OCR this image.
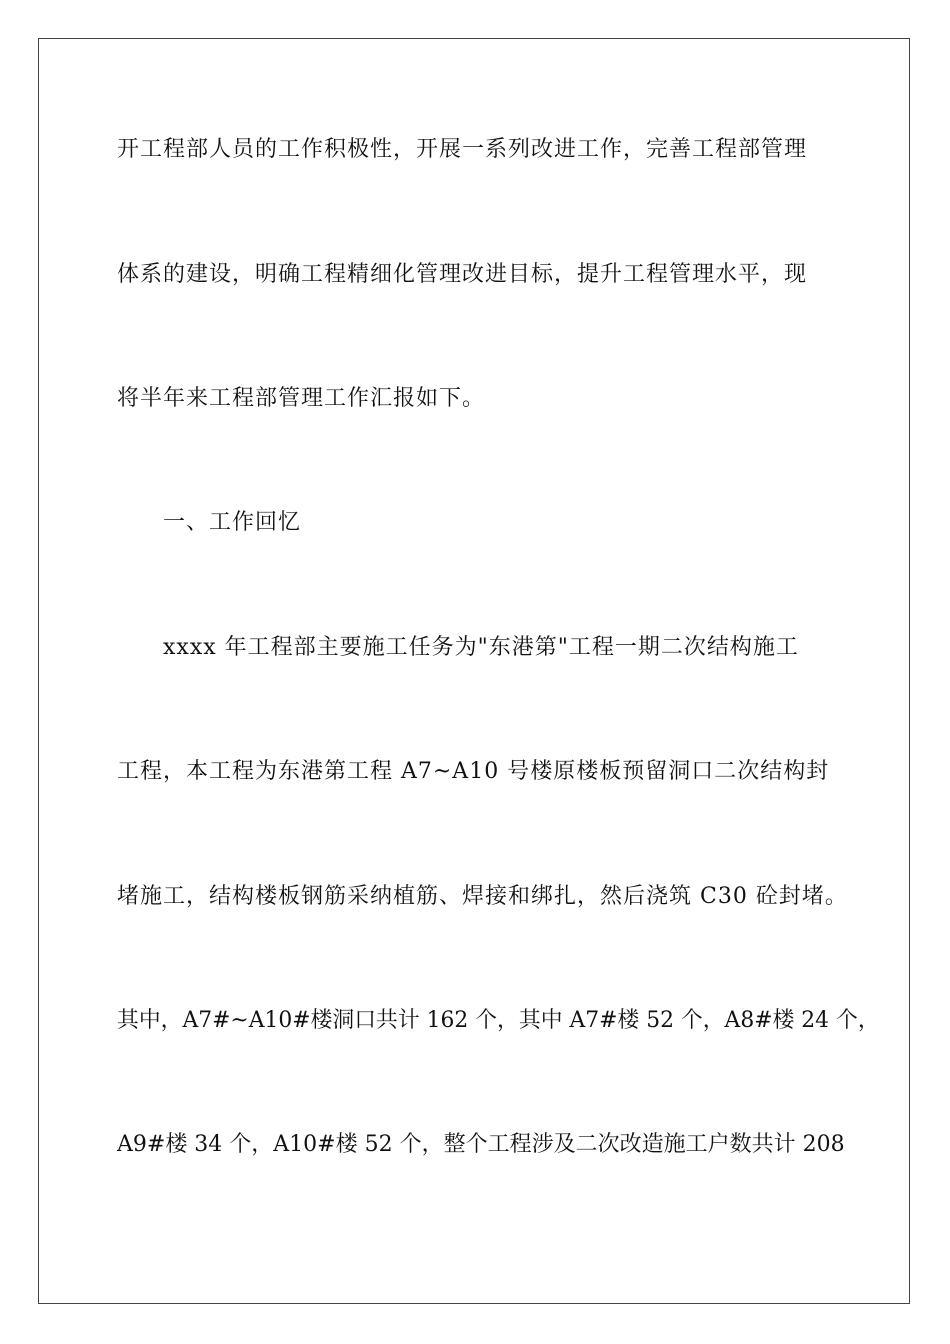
开工程部人员的工作积极性，开展一系列改进工作，完善工程部管理
体系的建设，明确工程精细化管理改进目标，提升工程管理水平，现
将半年来工程部管理工作汇报如下。
一、工作回忆
xxxx 年工程部主要施工任务为"东港第"工程一期二次结构施工
工程，本工程为东港第工程 A7~A10 号楼原楼板预留洞口二次结构封
堵施工，结构楼板钢筋采纳植筋、焊接和绑扎，然后浇筑 C30 砼封堵。
其中，A7#~A10#楼洞口共计 162 个，其中 A7#楼 52 个，A8#楼 24 个，
A9#楼 34 个，A10#楼 52 个，整个工程涉及二次改造施工户数共计 208
